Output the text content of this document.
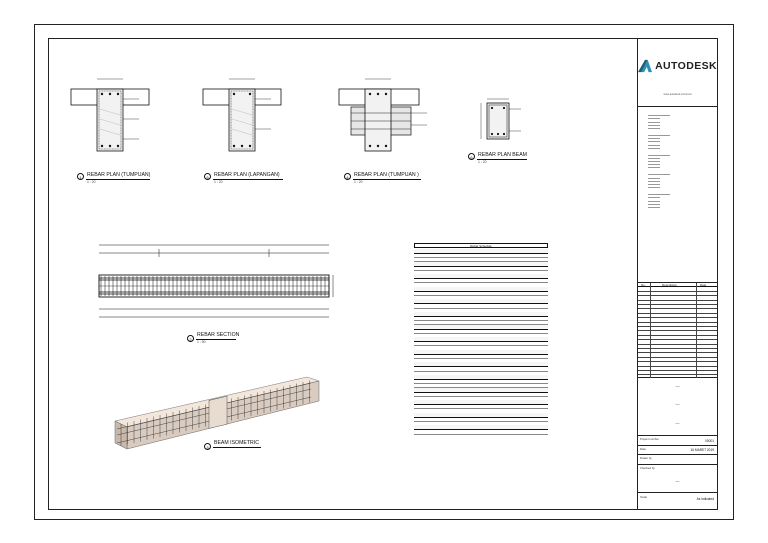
1	REBAR PLAN (TUMPUAN)
1 : 20
5	REBAR PLAN (LAPANGAN)
1 : 20
4	REBAR PLAN (TUMPUAN )
1 : 20
6	REBAR PLAN BEAM
1 : 20
2
REBAR SECTION
1 : 50
3
BEAM ISOMETRIC
Rebar Schedule
AUTODESK
www.autodesk.com/revit
No.	Description	Date
—
—
—
Project number	00001
Date	16 MARET 2019
Drawn by
Checked by
—
Scale	As indicated
